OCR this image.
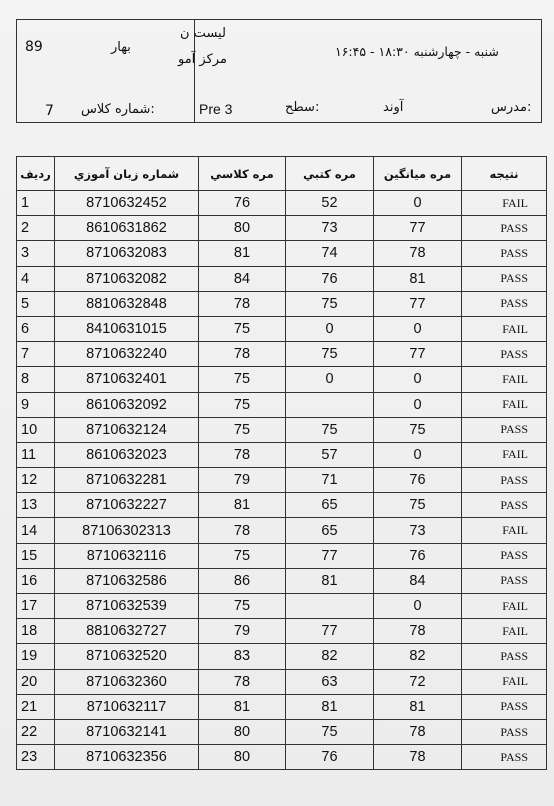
89	بهار
7 شماره کلاس:
لیست ن
مرکز آمو
شنبه - چهارشنبه ۱۸:۳۰ - ۱۶:۴۵
Pre 3	سطح:	آوند	مدرس:
ردیف	شماره زبان آموزي	مره کلاسي	مره کتبي	مره میانگین	نتیجه
1	8710632452	76	52	0	FAIL
2	8610631862	80	73	77	PASS
3	8710632083	81	74	78	PASS
4	8710632082	84	76	81	PASS
5	8810632848	78	75	77	PASS
6	8410631015	75	0	0	FAIL
7	8710632240	78	75	77	PASS
8	8710632401	75	0	0	FAIL
9	8610632092	75		0	FAIL
10	8710632124	75	75	75	PASS
11	8610632023	78	57	0	FAIL
12	8710632281	79	71	76	PASS
13	8710632227	81	65	75	PASS
14	87106302313	78	65	73	FAIL
15	8710632116	75	77	76	PASS
16	8710632586	86	81	84	PASS
17	8710632539	75		0	FAIL
18	8810632727	79	77	78	FAIL
19	8710632520	83	82	82	PASS
20	8710632360	78	63	72	FAIL
21	8710632117	81	81	81	PASS
22	8710632141	80	75	78	PASS
23	8710632356	80	76	78	PASS
